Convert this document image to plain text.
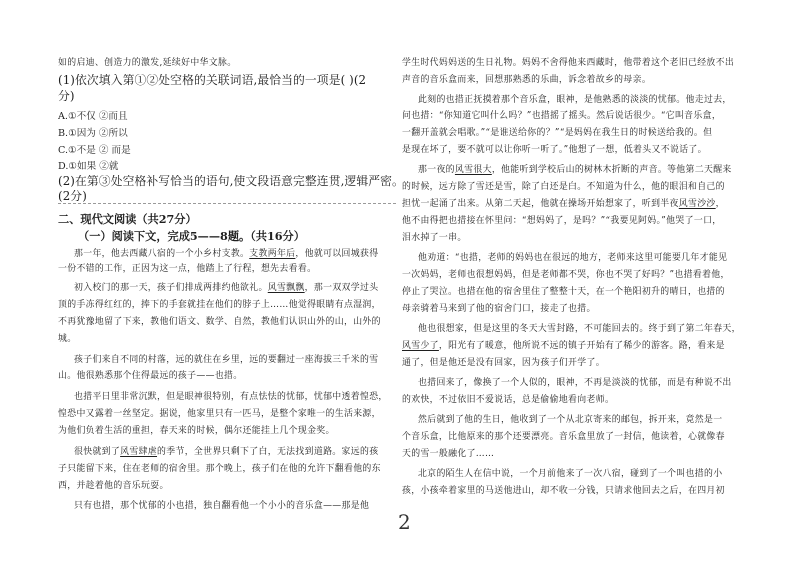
如的启迪、创造力的激发,延续好中华文脉。
(1)依次填入第①②处空格的关联词语,最恰当的一项是( )(2
分)
A.①不仅 ②而且
B.①因为 ②所以
C.①不是 ② 而是
D.①如果 ②就
(2)在第③处空格补写恰当的语句,使文段语意完整连贯,逻辑严密。
(2分)
二、现代文阅读（共27分）
（一）阅读下文，完成5——8题。（共16分）
那一年，他去西藏八宿的一个小乡村支教。支教两年后，他就可以回城获得
一份不错的工作，正因为这一点，他踏上了行程，想先去看看。
初入校门的那一天，孩子们排成两排约他欲礼。风雪飘飘，那一双双学过头
顶的手冻得红红的，捧下的手套就挂在他们的脖子上……他觉得眼睛有点湿润，
不再犹豫地留了下来，教他们语文、数学、自然，教他们认识山外的山，山外的
城。
孩子们来自不同的村落，远的就住在乡里，远的要翻过一座海拔三千米的雪
山。他很熟悉那个住得最远的孩子——也措。
也措平日里非常沉默，但是眼神很特别，有点怯怯的忧郁，忧郁中透着惶恐，
惶恐中又露着一丝坚定。据说，他家里只有一匹马，是整个家唯一的生活来源，
为他们负着生活的重担，春天来的时候，偶尔还能挂上几个现金奖。
很快就到了风雪肆虐的季节，全世界只剩下了白，无法找到道路。家远的孩
子只能留下来，住在老师的宿舍里。那个晚上，孩子们在他的允许下翻看他的东
西，并趁着他的音乐玩耍。
只有也措，那个忧郁的小也措，独自翻看他一个小小的音乐盒——那是他
学生时代妈妈送的生日礼物。妈妈不舍得他来西藏时，他带着这个老旧已经放不出
声音的音乐盒而来，回想那熟悉的乐曲，诉念着故乡的母亲。
此刻的也措正抚摸着那个音乐盒，眼神，是他熟悉的淡淡的忧郁。他走过去，
问也措：“你知道它叫什么吗？”也措摇了摇头。然后说话很少。“它叫音乐盒，
一翻开盖就会唱歌。”“是谁送给你的？”“是妈妈在我生日的时候送给我的。但
是现在坏了，要不就可以让你听一听了。”他想了一想，低着头又不说话了。
那一夜的风雪很大，他能听到学校后山的树林木折断的声音。等他第二天醒来
的时候，远方除了雪还是雪，除了白还是白。不知道为什么，他的眼泪和自己的
担忧一起涌了出来。从第二天起，他就在操场开始想家了，听到半夜风雪沙沙，
他不由得把也措接在怀里问：“想妈妈了，是吗？”“我要见阿妈。”他哭了一口，
泪水掉了一串。
他劝道：“也措，老师的妈妈也在很远的地方，老师来这里可能要几年才能见
一次妈妈，老师也很想妈妈，但是老师都不哭，你也不哭了好吗？”也措看着他，
停止了哭泣。也措在他的宿舍里住了整整十天，在一个艳阳初升的晴日，也措的
母亲骑着马来到了他的宿舍门口，接走了也措。
他也很想家，但是这里的冬天大雪封路，不可能回去的。终于到了第二年春天，
风雪少了，阳光有了暖意，他所说不远的镇子开始有了稀少的游客。路，看来是
通了，但是他还是没有回家，因为孩子们开学了。
也措回来了，像换了一个人似的，眼神，不再是淡淡的忧郁，而是有种说不出
的欢快，不过依旧不爱说话，总是偷偷地看向老师。
然后就到了他的生日，他收到了一个从北京寄来的邮包，拆开来，竟然是一
个音乐盒，比他原来的那个还要漂亮。音乐盒里放了一封信，他读着，心就像春
天的雪一般融化了……
北京的陌生人在信中说，一个月前他来了一次八宿，碰到了一个叫也措的小
孩，小孩牵着家里的马送他进山，却不收一分钱，只请求他回去之后，在四月初
2
